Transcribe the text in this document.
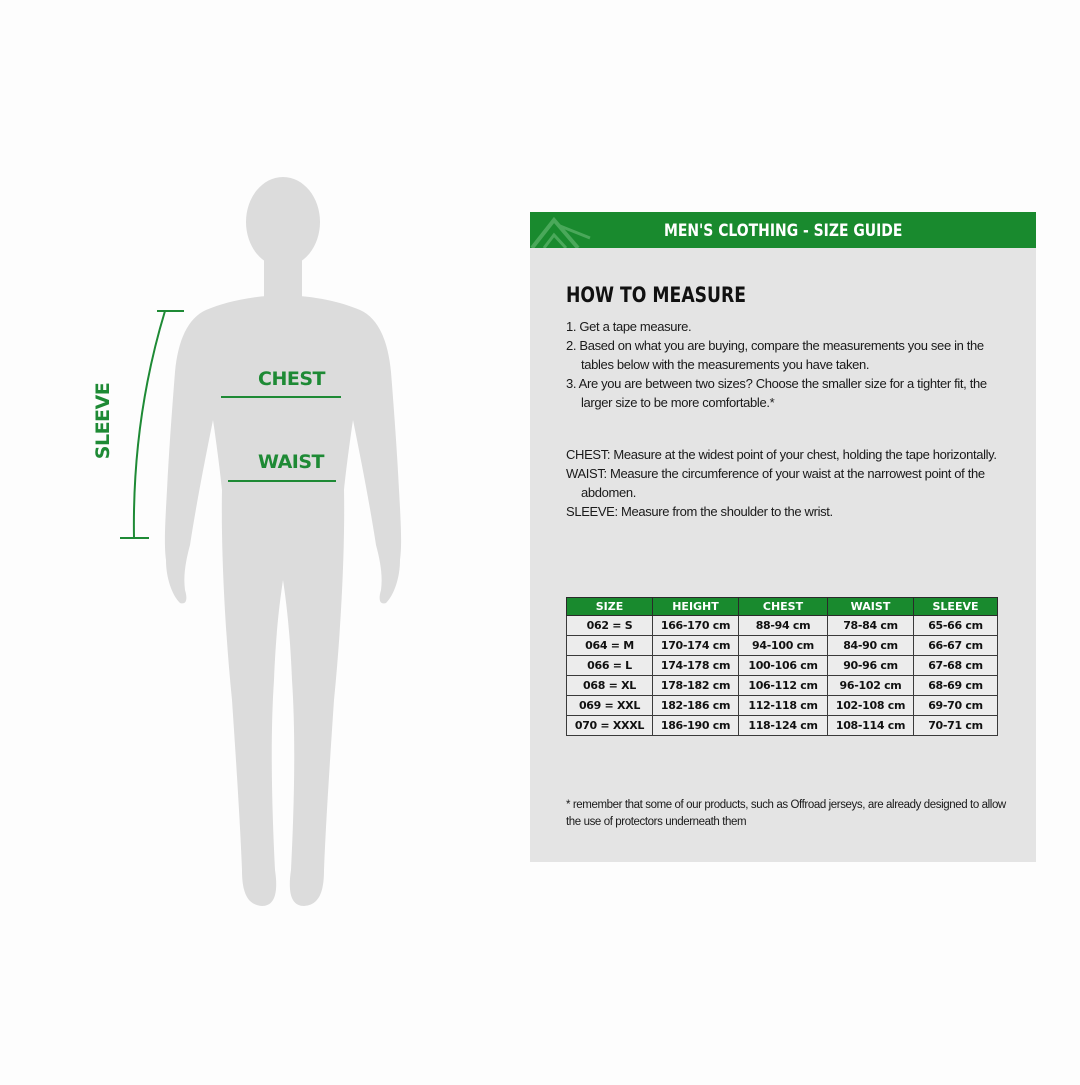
CHEST
WAIST
SLEEVE
MEN'S CLOTHING - SIZE GUIDE
HOW TO MEASURE
1. Get a tape measure.
2. Based on what you are buying, compare the measurements you see in the tables below with the measurements you have taken.
3. Are you are between two sizes? Choose the smaller size for a tighter fit, the larger size to be more comfortable.*
CHEST: Measure at the widest point of your chest, holding the tape horizontally.
WAIST: Measure the circumference of your waist at the narrowest point of the abdomen.
SLEEVE: Measure from the shoulder to the wrist.
SIZE	HEIGHT	CHEST	WAIST	SLEEVE
062 = S	166-170 cm	88-94 cm	78-84 cm	65-66 cm
064 = M	170-174 cm	94-100 cm	84-90 cm	66-67 cm
066 = L	174-178 cm	100-106 cm	90-96 cm	67-68 cm
068 = XL	178-182 cm	106-112 cm	96-102 cm	68-69 cm
069 = XXL	182-186 cm	112-118 cm	102-108 cm	69-70 cm
070 = XXXL	186-190 cm	118-124 cm	108-114 cm	70-71 cm

* remember that some of our products, such as Offroad jerseys, are already designed to allow the use of protectors underneath them
